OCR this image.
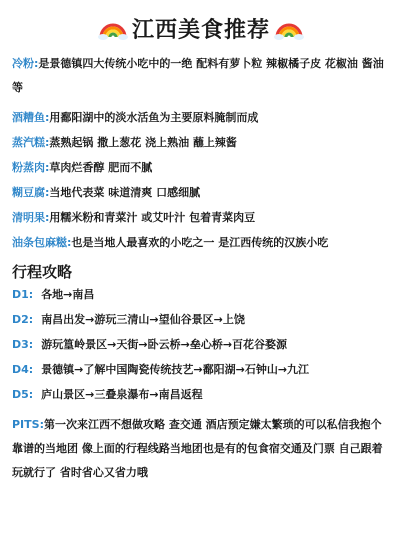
江西美食推荐
冷粉:是景德镇四大传统小吃中的一绝 配料有萝卜粒 辣椒橘子皮 花椒油 酱油等
酒糟鱼:用鄱阳湖中的淡水活鱼为主要原料腌制而成
蒸汽糕:蒸熟起锅 撒上葱花 浇上熟油 蘸上辣酱
粉蒸肉:草肉烂香醇 肥而不腻
糊豆腐:当地代表菜 味道清爽 口感细腻
清明果:用糯米粉和青菜汁 或艾叶汁 包着青菜肉豆
油条包麻糍:也是当地人最喜欢的小吃之一 是江西传统的汉族小吃
行程攻略
D1: 各地→南昌
D2: 南昌出发→游玩三清山→望仙谷景区→上饶
D3: 游玩篁岭景区→天街→卧云桥→垒心桥→百花谷婺源
D4: 景德镇→了解中国陶瓷传统技艺→鄱阳湖→石钟山→九江
D5: 庐山景区→三叠泉瀑布→南昌返程
PITS:第一次来江西不想做攻略 查交通 酒店预定嫌太繁琐的可以私信我抱个靠谱的当地团 像上面的行程线路当地团也是有的包食宿交通及门票 自己跟着玩就行了 省时省心又省力哦
